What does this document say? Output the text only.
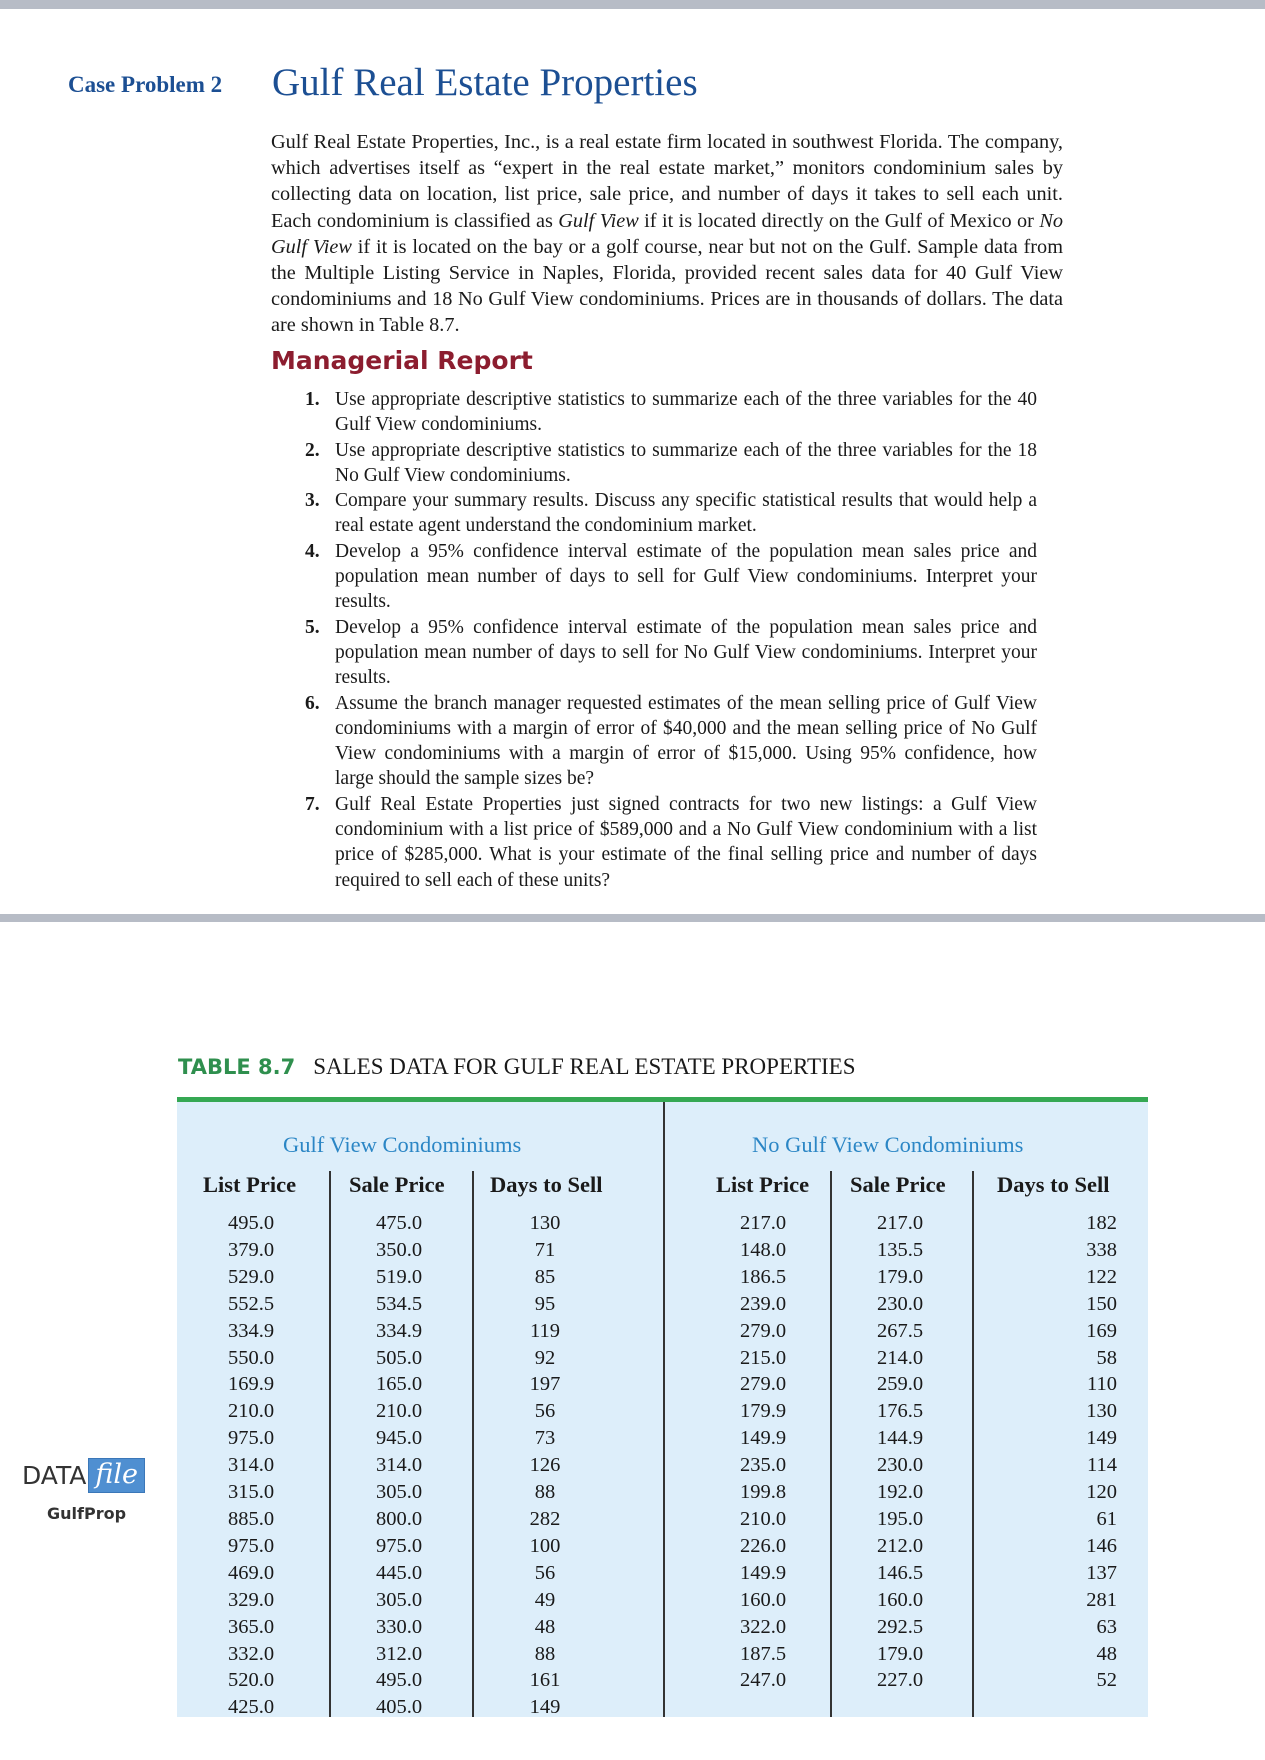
Case Problem 2 Gulf Real Estate Properties

Gulf Real Estate Properties, Inc., is a real estate firm located in southwest Florida. The company, which advertises itself as “expert in the real estate market,” monitors condominium sales by collecting data on location, list price, sale price, and number of days it takes to sell each unit. Each condominium is classified as Gulf View if it is located directly on the Gulf of Mexico or No Gulf View if it is located on the bay or a golf course, near but not on the Gulf. Sample data from the Multiple Listing Service in Naples, Florida, provided recent sales data for 40 Gulf View condominiums and 18 No Gulf View condominiums. Prices are in thousands of dollars. The data are shown in Table 8.7.

Managerial Report
1. Use appropriate descriptive statistics to summarize each of the three variables for the 40 Gulf View condominiums.
2. Use appropriate descriptive statistics to summarize each of the three variables for the 18 No Gulf View condominiums.
3. Compare your summary results. Discuss any specific statistical results that would help a real estate agent understand the condominium market.
4. Develop a 95% confidence interval estimate of the population mean sales price and population mean number of days to sell for Gulf View condominiums. Interpret your results.
5. Develop a 95% confidence interval estimate of the population mean sales price and population mean number of days to sell for No Gulf View condominiums. Interpret your results.
6. Assume the branch manager requested estimates of the mean selling price of Gulf View condominiums with a margin of error of $40,000 and the mean selling price of No Gulf View condominiums with a margin of error of $15,000. Using 95% confidence, how large should the sample sizes be?
7. Gulf Real Estate Properties just signed contracts for two new listings: a Gulf View condominium with a list price of $589,000 and a No Gulf View condominium with a list price of $285,000. What is your estimate of the final selling price and number of days required to sell each of these units?
TABLE 8.7 SALES DATA FOR GULF REAL ESTATE PROPERTIES
Gulf View Condominiums
List Price Sale Price Days to Sell
No Gulf View Condominiums
List Price Sale Price Days to Sell
495.0
379.0
529.0
552.5
334.9
550.0
169.9
210.0
975.0
314.0
315.0
885.0
975.0
469.0
329.0
365.0
332.0
520.0
425.0
475.0
350.0
519.0
534.5
334.9
505.0
165.0
210.0
945.0
314.0
305.0
800.0
975.0
445.0
305.0
330.0
312.0
495.0
405.0
130
71
85
95
119
92
197
56
73
126
88
282
100
56
49
48
88
161
149
217.0
148.0
186.5
239.0
279.0
215.0
279.0
179.9
149.9
235.0
199.8
210.0
226.0
149.9
160.0
322.0
187.5
247.0
217.0
135.5
179.0
230.0
267.5
214.0
259.0
176.5
144.9
230.0
192.0
195.0
212.0
146.5
160.0
292.5
179.0
227.0
182
338
122
150
169
58
110
130
149
114
120
61
146
137
281
63
48
52
DATA file
GulfProp
